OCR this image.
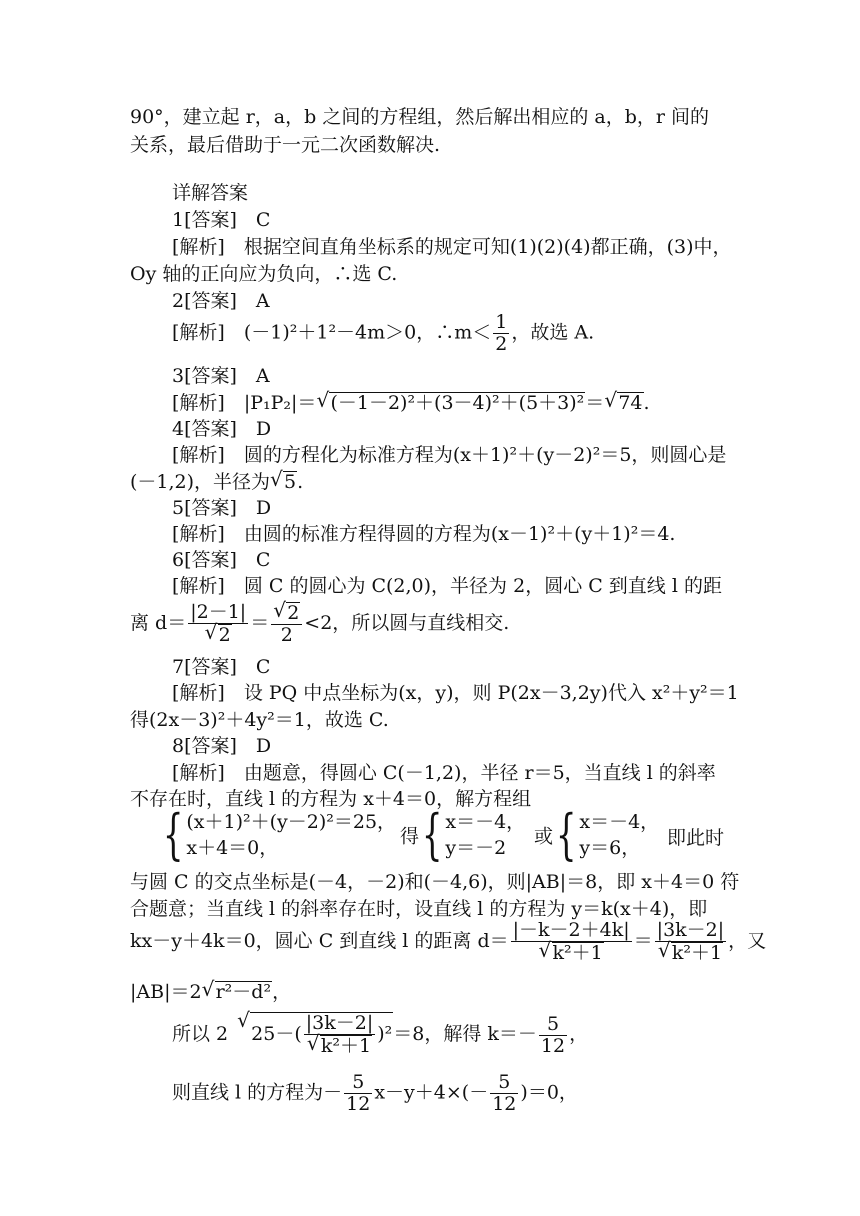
90°，建立起 r，a，b 之间的方程组，然后解出相应的 a，b，r 间的
关系，最后借助于一元二次函数解决.
详解答案
1[答案]　C
[解析]　根据空间直角坐标系的规定可知(1)(2)(4)都正确，(3)中，
Oy 轴的正向应为负向，∴选 C.
2[答案]　A
[解析]　(－1)²＋1²－4m＞0，∴m＜ $\frac{1}{2}$ ，故选 A.
3[答案]　A
[解析]　|P₁P₂|＝ √ (－1－2)²＋(3－4)²＋(5＋3)²＝ √ 74.
4[答案]　D
[解析]　圆的方程化为标准方程为(x＋1)²＋(y－2)²＝5，则圆心是
(－1,2)，半径为 √ 5.
5[答案]　D
[解析]　由圆的标准方程得圆的方程为(x－1)²＋(y＋1)²＝4.
6[答案]　C
[解析]　圆 C 的圆心为 C(2,0)，半径为 2，圆心 C 到直线 l 的距
离 d＝ |2－1|
√ 2 ＝ √ $\frac{2}{2} <2$，所以圆与直线相交.
7[答案]　C
[解析]　设 PQ 中点坐标为(x，y)，则 P(2x－3,2y)代入 x²＋y²＝1
得(2x－3)²＋4y²＝1，故选 C.
8[答案]　D
[解析]　由题意，得圆心 C(－1,2)，半径 r＝5，当直线 l 的斜率
不存在时，直线 l 的方程为 x＋4＝0，解方程组
{ (x＋1)²＋(y－2)²＝25，
x＋4＝0，
得{ x＝－4，
y＝－2
或{ x＝－4，
y＝6，	即此时
与圆 C 的交点坐标是(－4，－2)和(－4,6)，则|AB|＝8，即 x＋4＝0 符
合题意；当直线 l 的斜率存在时，设直线 l 的方程为 y＝k(x＋4)，即
kx－y＋4k＝0，圆心 C 到直线 l 的距离 d＝ |－k－2＋4k|
√ k²＋1 ＝ |3k－2|
√ k²＋1 ，又
|AB|＝2 √ r²－d²，
所以 2 √ 25－( |3k－2|
√ k²＋1 )²＝8，解得 $k=- \frac{5}{12}$ ，
则直线 l 的方程为－ $\frac{5}{12} x-y+4\times(- \frac{5}{12} )=0$，
